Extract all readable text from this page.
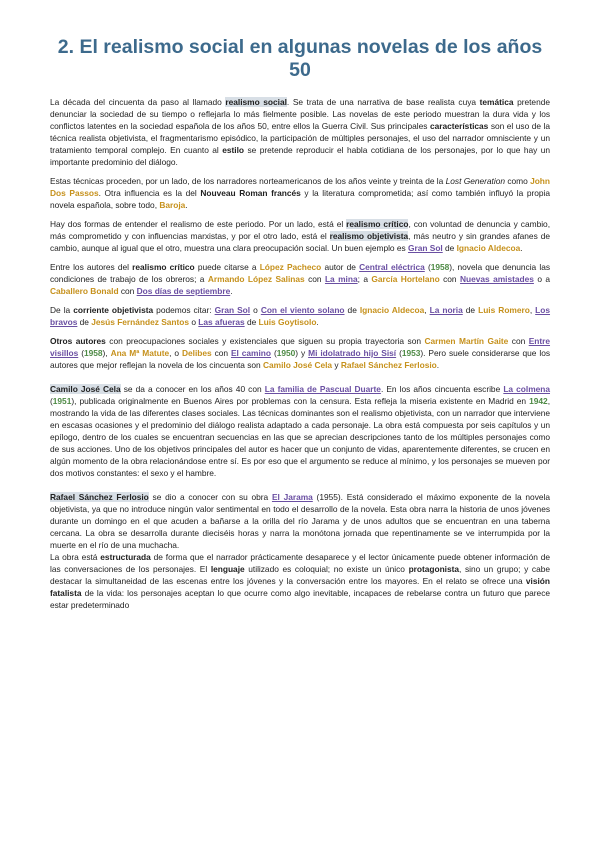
2. El realismo social en algunas novelas de los años 50

La década del cincuenta da paso al llamado realismo social. Se trata de una narrativa de base realista cuya temática pretende denunciar la sociedad de su tiempo o reflejarla lo más fielmente posible. Las novelas de este periodo muestran la dura vida y los conflictos latentes en la sociedad española de los años 50, entre ellos la Guerra Civil. Sus principales características son el uso de la técnica realista objetivista, el fragmentarismo episódico, la participación de múltiples personajes, el uso del narrador omnisciente y un tratamiento temporal complejo. En cuanto al estilo se pretende reproducir el habla cotidiana de los personajes, por lo que hay un importante predominio del diálogo.

Estas técnicas proceden, por un lado, de los narradores norteamericanos de los años veinte y treinta de la Lost Generation como John Dos Passos. Otra influencia es la del Nouveau Roman francés y la literatura comprometida; así como también influyó la propia novela española, sobre todo, Baroja.

Hay dos formas de entender el realismo de este periodo. Por un lado, está el realismo crítico, con voluntad de denuncia y cambio, más comprometido y con influencias marxistas, y por el otro lado, está el realismo objetivista, más neutro y sin grandes afanes de cambio, aunque al igual que el otro, muestra una clara preocupación social. Un buen ejemplo es Gran Sol de Ignacio Aldecoa.

Entre los autores del realismo crítico puede citarse a López Pacheco autor de Central eléctrica (1958), novela que denuncia las condiciones de trabajo de los obreros; a Armando López Salinas con La mina; a García Hortelano con Nuevas amistades o a Caballero Bonald con Dos días de septiembre.

De la corriente objetivista podemos citar: Gran Sol o Con el viento solano de Ignacio Aldecoa, La noria de Luis Romero, Los bravos de Jesús Fernández Santos o Las afueras de Luis Goytisolo.

Otros autores con preocupaciones sociales y existenciales que siguen su propia trayectoria son Carmen Martín Gaite con Entre visillos (1958), Ana Mª Matute, o Delibes con El camino (1950) y Mi idolatrado hijo Sisí (1953). Pero suele considerarse que los autores que mejor reflejan la novela de los cincuenta son Camilo José Cela y Rafael Sánchez Ferlosio.

Camilo José Cela se da a conocer en los años 40 con La familia de Pascual Duarte. En los años cincuenta escribe La colmena (1951), publicada originalmente en Buenos Aires por problemas con la censura. Esta refleja la miseria existente en Madrid en 1942, mostrando la vida de las diferentes clases sociales. Las técnicas dominantes son el realismo objetivista, con un narrador que interviene en escasas ocasiones y el predominio del diálogo realista adaptado a cada personaje. La obra está compuesta por seis capítulos y un epílogo, dentro de los cuales se encuentran secuencias en las que se aprecian descripciones tanto de los múltiples personajes como de sus acciones. Uno de los objetivos principales del autor es hacer que un conjunto de vidas, aparentemente diferentes, se crucen en algún momento de la obra relacionándose entre sí. Es por eso que el argumento se reduce al mínimo, y los personajes se mueven por dos motivos constantes: el sexo y el hambre.

Rafael Sánchez Ferlosio se dio a conocer con su obra El Jarama (1955). Está considerado el máximo exponente de la novela objetivista, ya que no introduce ningún valor sentimental en todo el desarrollo de la novela. Esta obra narra la historia de unos jóvenes durante un domingo en el que acuden a bañarse a la orilla del río Jarama y de unos adultos que se encuentran en una taberna cercana. La obra se desarrolla durante dieciséis horas y narra la monótona jornada que repentinamente se ve interrumpida por la muerte en el río de una muchacha.

La obra está estructurada de forma que el narrador prácticamente desaparece y el lector únicamente puede obtener información de las conversaciones de los personajes. El lenguaje utilizado es coloquial; no existe un único protagonista, sino un grupo; y cabe destacar la simultaneidad de las escenas entre los jóvenes y la conversación entre los mayores. En el relato se ofrece una visión fatalista de la vida: los personajes aceptan lo que ocurre como algo inevitable, incapaces de rebelarse contra un futuro que parece estar predeterminado
